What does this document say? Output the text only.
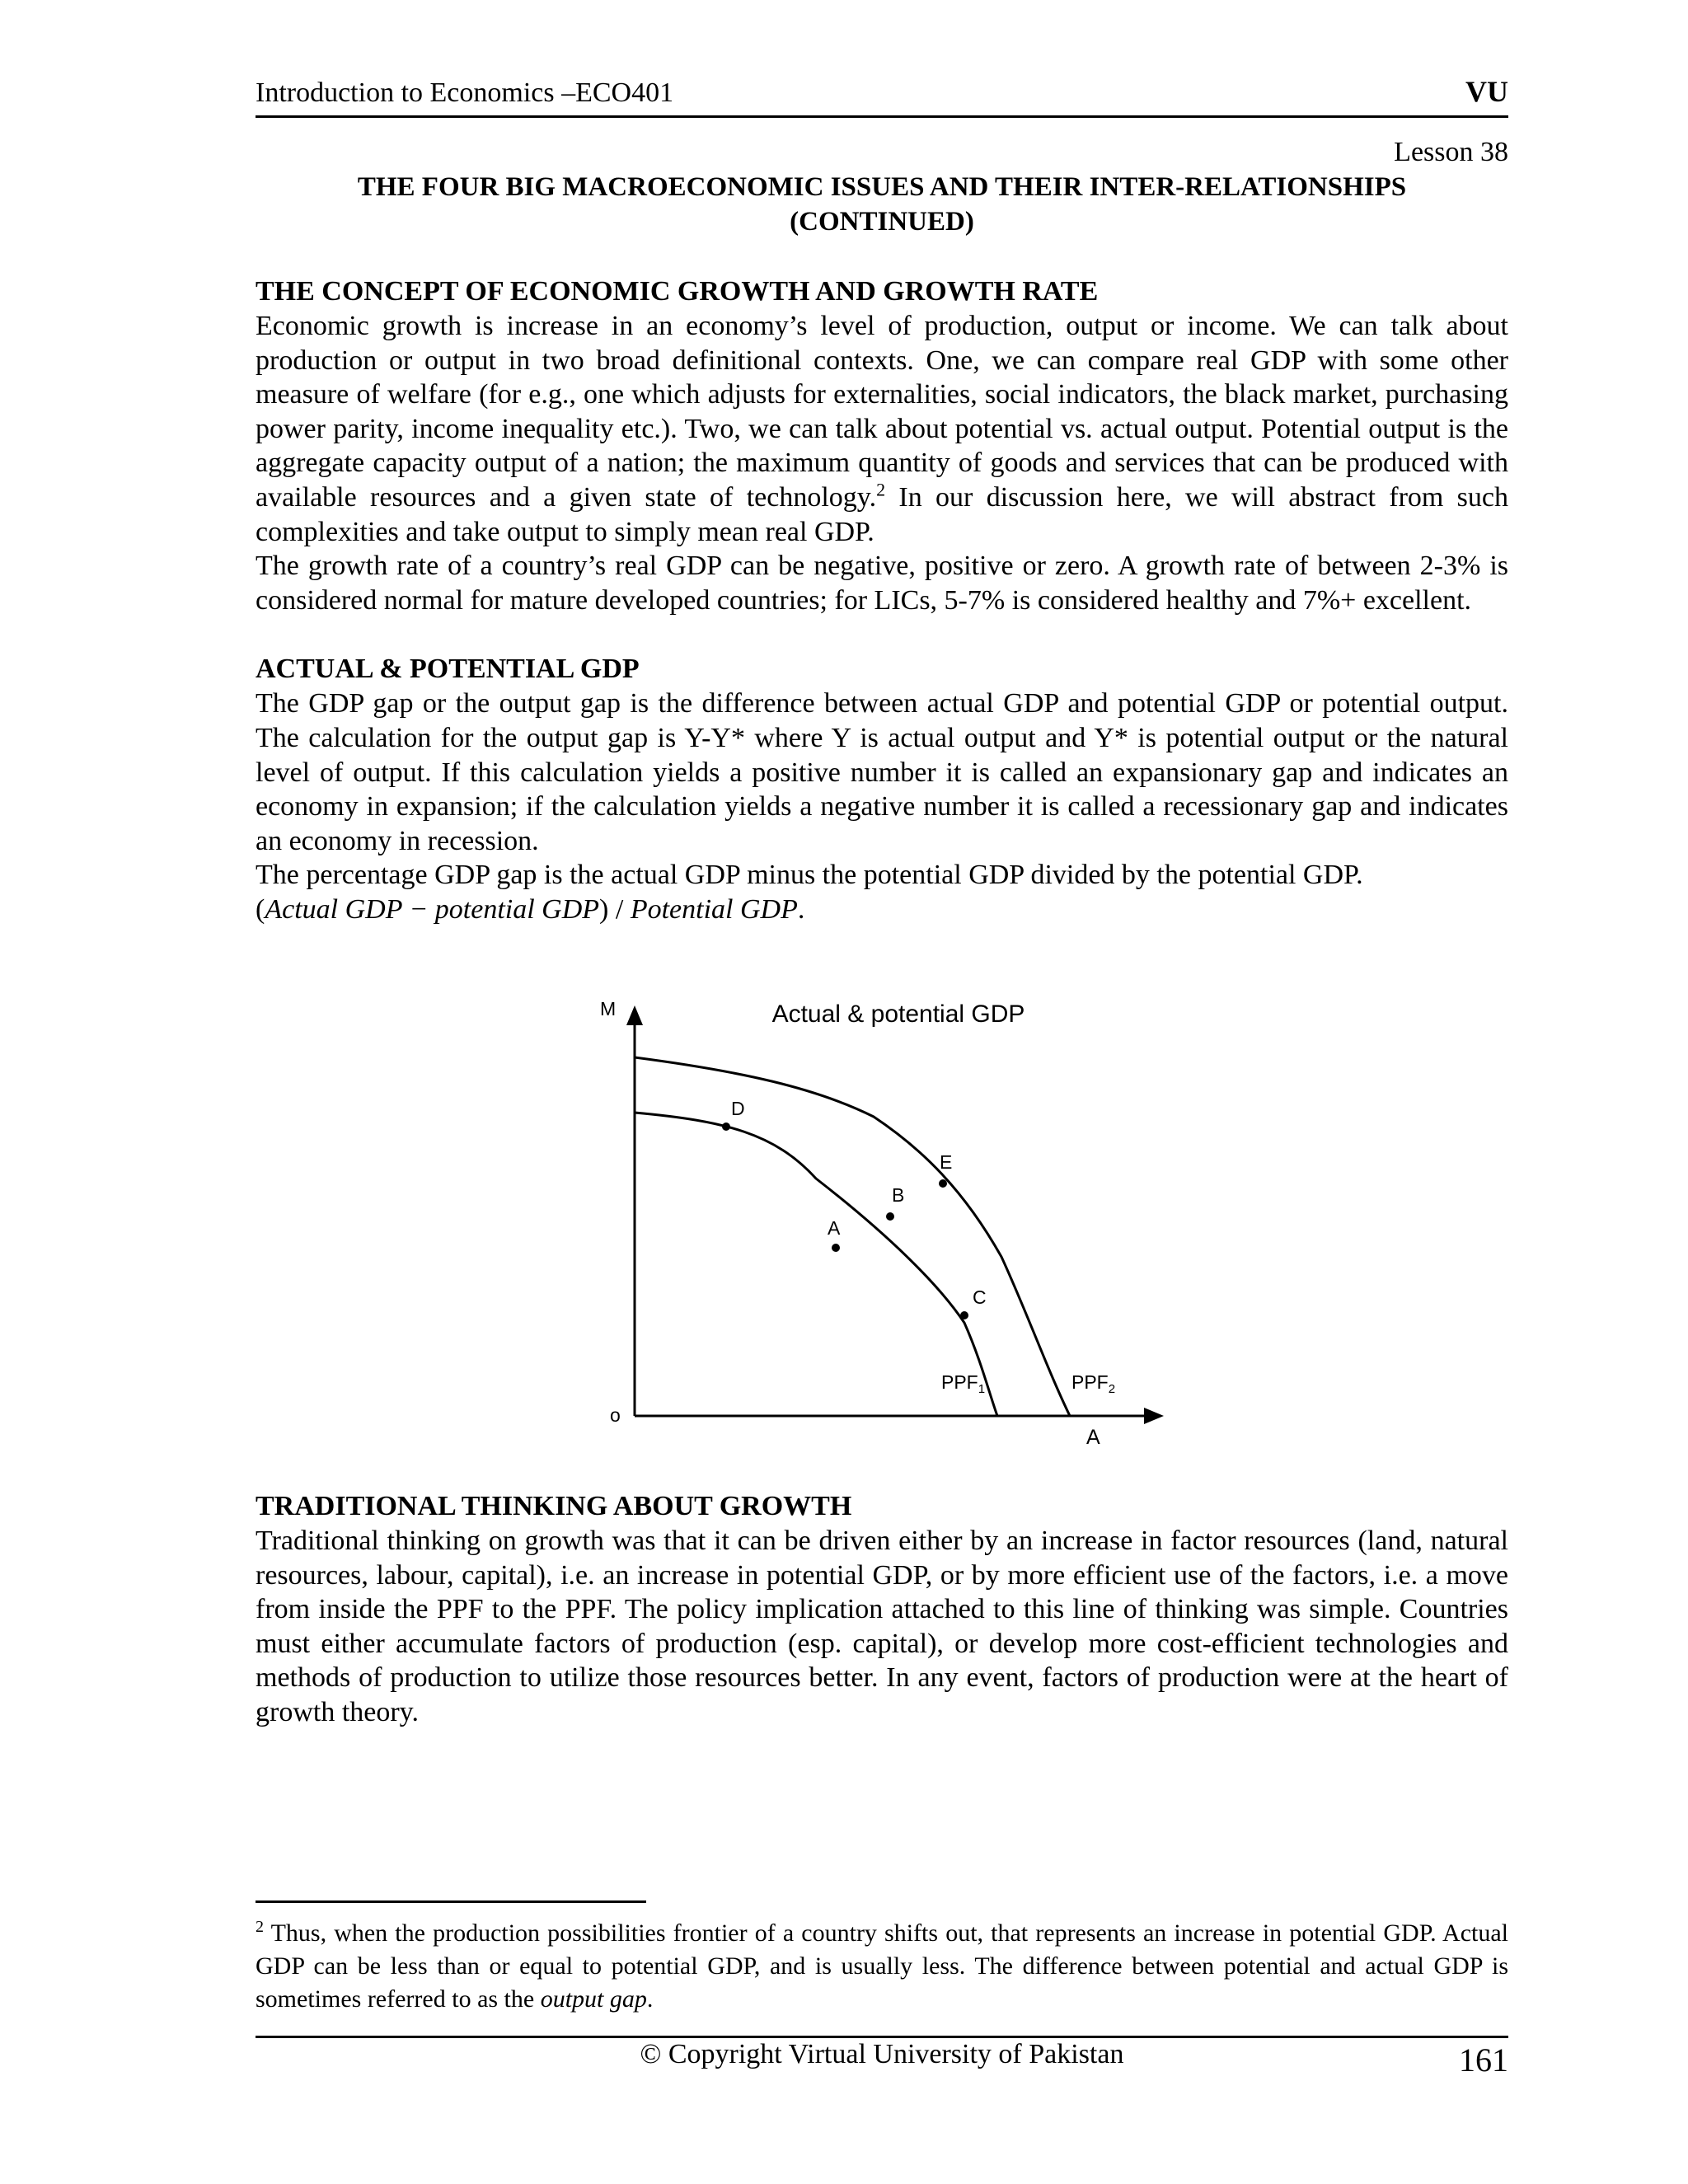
Introduction to Economics –ECO401	VU
Lesson 38
THE FOUR BIG MACROECONOMIC ISSUES AND THEIR INTER-RELATIONSHIPS
(CONTINUED)
THE CONCEPT OF ECONOMIC GROWTH AND GROWTH RATE

Economic growth is increase in an economy’s level of production, output or income. We can talk about production or output in two broad definitional contexts. One, we can compare real GDP with some other measure of welfare (for e.g., one which adjusts for externalities, social indicators, the black market, purchasing power parity, income inequality etc.). Two, we can talk about potential vs. actual output. Potential output is the aggregate capacity output of a nation; the maximum quantity of goods and services that can be produced with available resources and a given state of technology.$^2$ In our discussion here, we will abstract from such complexities and take output to simply mean real GDP.

The growth rate of a country’s real GDP can be negative, positive or zero. A growth rate of between 2-3% is considered normal for mature developed countries; for LICs, 5-7% is considered healthy and 7%+ excellent.

ACTUAL & POTENTIAL GDP

The GDP gap or the output gap is the difference between actual GDP and potential GDP or potential output. The calculation for the output gap is Y-Y* where Y is actual output and Y* is potential output or the natural level of output. If this calculation yields a positive number it is called an expansionary gap and indicates an economy in expansion; if the calculation yields a negative number it is called a recessionary gap and indicates an economy in recession.

The percentage GDP gap is the actual GDP minus the potential GDP divided by the potential GDP.
(Actual GDP − potential GDP) / Potential GDP.

Actual & potential GDP
M
A
o
D
B
C
A
E
$PPF_1$	$PPF_2$
TRADITIONAL THINKING ABOUT GROWTH

Traditional thinking on growth was that it can be driven either by an increase in factor resources (land, natural resources, labour, capital), i.e. an increase in potential GDP, or by more efficient use of the factors, i.e. a move from inside the PPF to the PPF. The policy implication attached to this line of thinking was simple. Countries must either accumulate factors of production (esp. capital), or develop more cost-efficient technologies and methods of production to utilize those resources better. In any event, factors of production were at the heart of growth theory.

$^2$ Thus, when the production possibilities frontier of a country shifts out, that represents an increase in potential GDP. Actual GDP can be less than or equal to potential GDP, and is usually less. The difference between potential and actual GDP is sometimes referred to as the output gap.
© Copyright Virtual University of Pakistan	161
